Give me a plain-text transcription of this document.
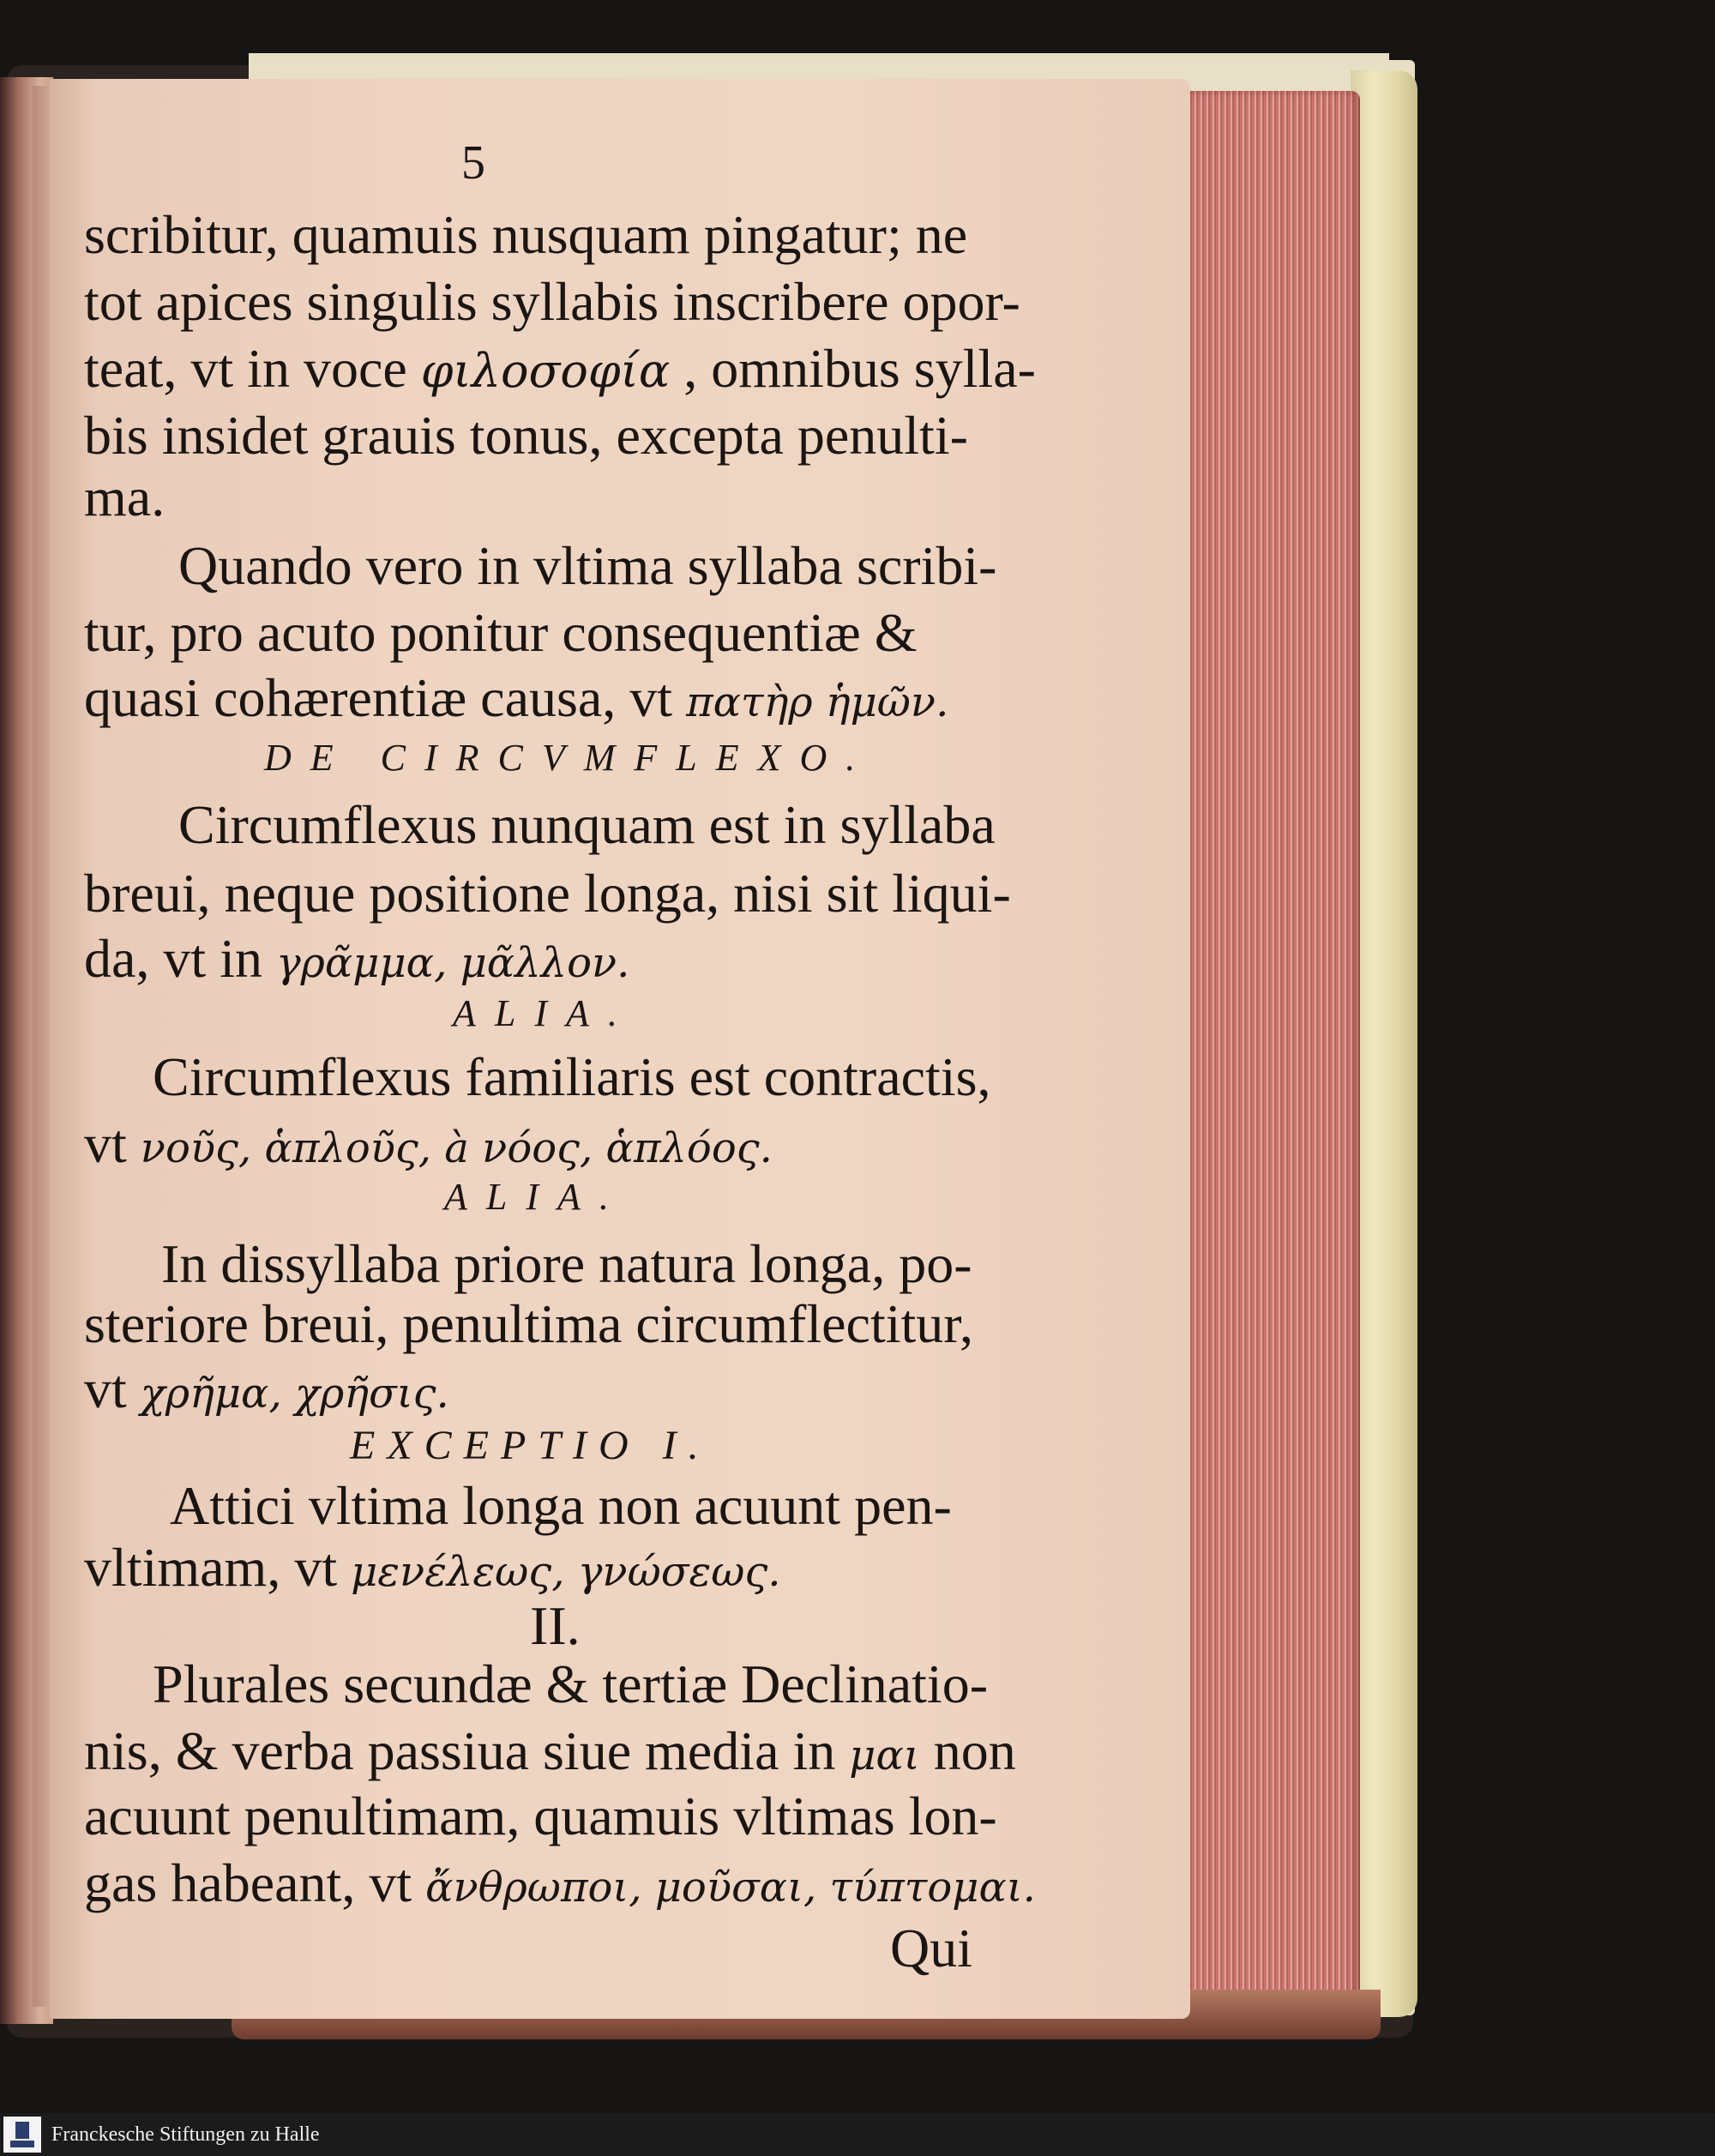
5
scribitur, quamuis nusquam pingatur; ne
tot apices singulis syllabis inscribere opor-
teat, vt in voce φιλοσοφία , omnibus sylla-
bis insidet grauis tonus, excepta penulti-
ma.
Quando vero in vltima syllaba scribi-
tur, pro acuto ponitur consequentiæ &
quasi cohærentiæ causa, vt πατὴρ ἡμῶν.
DE CIRCVMFLEXO.
Circumflexus nunquam est in syllaba
breui, neque positione longa, nisi sit liqui-
da, vt in γρᾶμμα, μᾶλλον.
ALIA.
Circumflexus familiaris est contractis,
vt νοῦς, ἁπλοῦς, à νόος, ἁπλόος.
ALIA.
In dissyllaba priore natura longa, po-
steriore breui, penultima circumflectitur,
vt χρῆμα, χρῆσις.
EXCEPTIO I.
Attici vltima longa non acuunt pen-
vltimam, vt μενέλεως, γνώσεως.
II.
Plurales secundæ & tertiæ Declinatio-
nis, & verba passiua siue media in μαι non
acuunt penultimam, quamuis vltimas lon-
gas habeant, vt ἄνθρωποι, μοῦσαι, τύπτομαι.
Qui
Franckesche Stiftungen zu Halle
